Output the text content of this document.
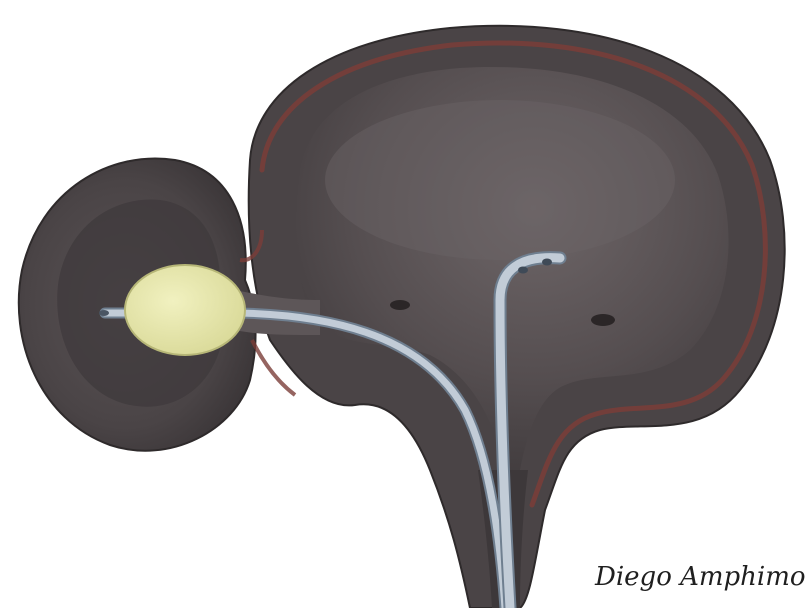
Diego Amphimo
